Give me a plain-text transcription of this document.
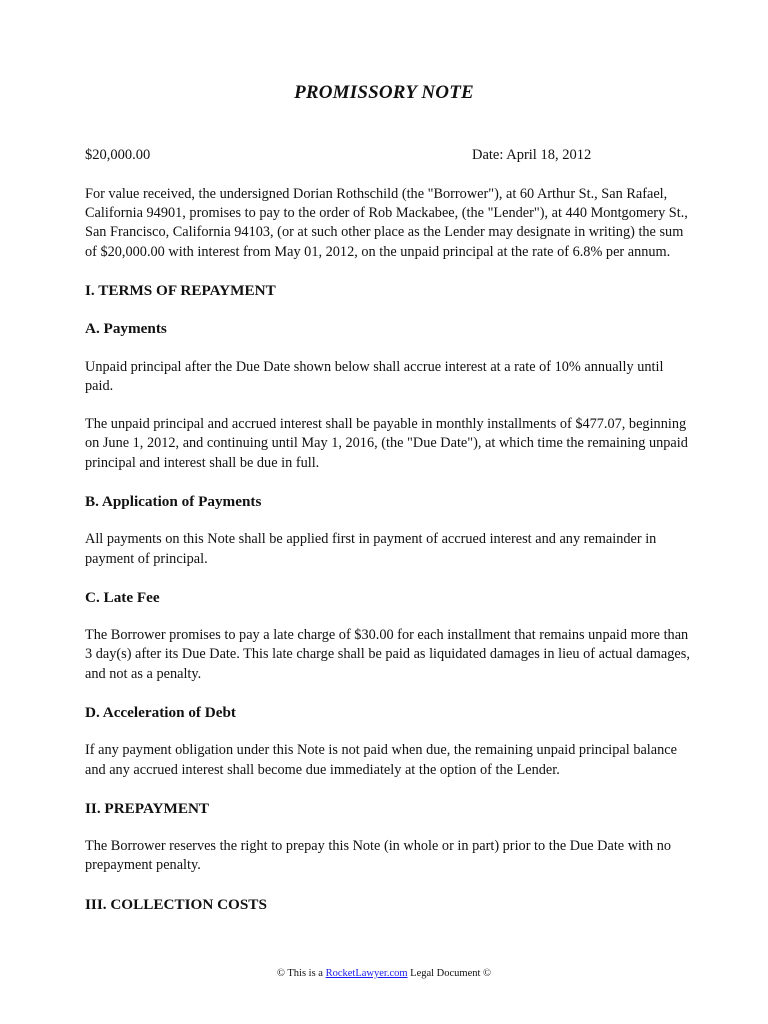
PROMISSORY NOTE
$20,000.00	Date: April 18, 2012

For value received, the undersigned Dorian Rothschild (the "Borrower"), at 60 Arthur St., San Rafael, California 94901, promises to pay to the order of Rob Mackabee, (the "Lender"), at 440 Montgomery St., San Francisco, California 94103, (or at such other place as the Lender may designate in writing) the sum of $20,000.00 with interest from May 01, 2012, on the unpaid principal at the rate of 6.8% per annum.

I. TERMS OF REPAYMENT
A. Payments

Unpaid principal after the Due Date shown below shall accrue interest at a rate of 10% annually until paid.

The unpaid principal and accrued interest shall be payable in monthly installments of $477.07, beginning on June 1, 2012, and continuing until May 1, 2016, (the "Due Date"), at which time the remaining unpaid principal and interest shall be due in full.

B. Application of Payments

All payments on this Note shall be applied first in payment of accrued interest and any remainder in payment of principal.

C. Late Fee

The Borrower promises to pay a late charge of $30.00 for each installment that remains unpaid more than 3 day(s) after its Due Date. This late charge shall be paid as liquidated damages in lieu of actual damages, and not as a penalty.

D. Acceleration of Debt

If any payment obligation under this Note is not paid when due, the remaining unpaid principal balance and any accrued interest shall become due immediately at the option of the Lender.

II. PREPAYMENT

The Borrower reserves the right to prepay this Note (in whole or in part) prior to the Due Date with no prepayment penalty.

III. COLLECTION COSTS
© This is a RocketLawyer.com Legal Document ©
